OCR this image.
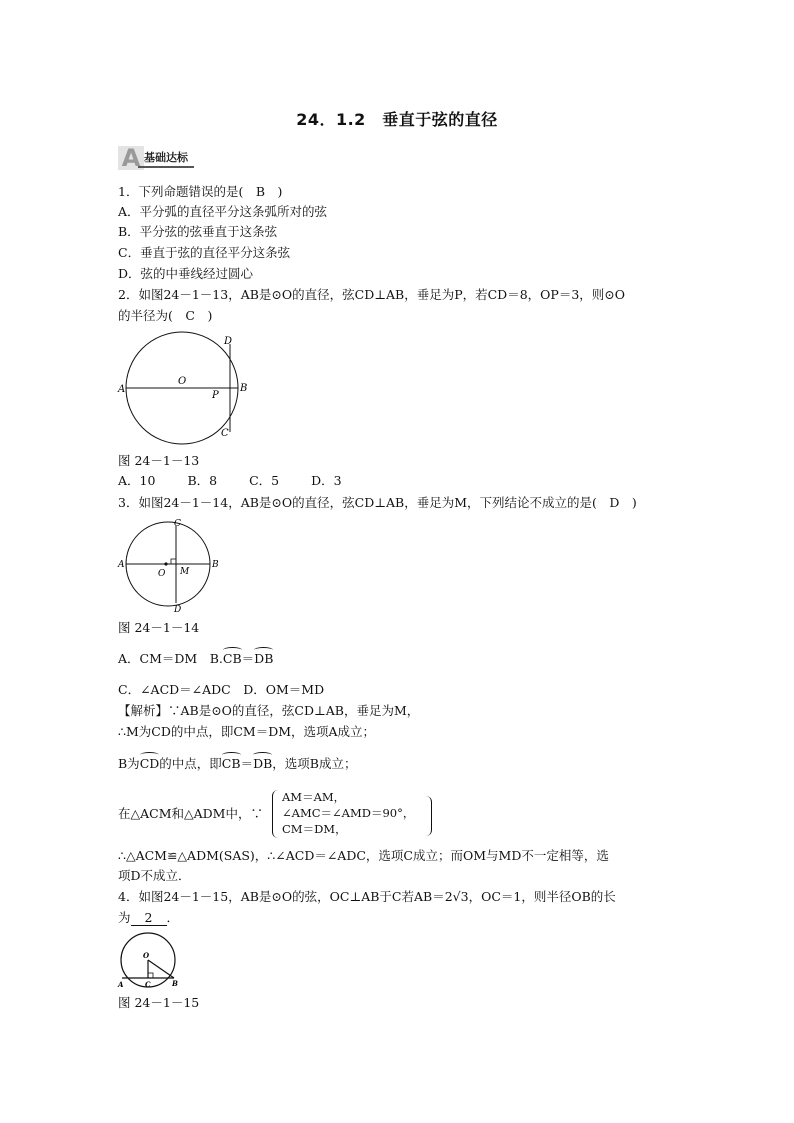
24．1.2　垂直于弦的直径
A 基础达标
1．下列命题错误的是(　B　)
A．平分弧的直径平分这条弧所对的弦
B．平分弦的弦垂直于这条弦
C．垂直于弦的直径平分这条弦
D．弦的中垂线经过圆心
2．如图24－1－13，AB是⊙O的直径，弦CD⊥AB，垂足为P，若CD＝8，OP＝3，则⊙O
的半径为(　C　)
A	B
O
P
D
C
图 24－1－13
A．10	B．8	C．5	D．3
3．如图24－1－14，AB是⊙O的直径，弦CD⊥AB，垂足为M，下列结论不成立的是(　D　)
A	B
O M
C
D
图 24－1－14
A．CM＝DM　 B.CB＝DB
C．∠ACD＝∠ADC　D．OM＝MD
【解析】∵AB是⊙O的直径，弦CD⊥AB，垂足为M，
∴M为CD的中点，即CM＝DM，选项A成立；
B为CD的中点，即CB＝DB，选项B成立；
在△ACM和△ADM中，∵
AM＝AM，
∠AMC＝∠AMD＝90°，
CM＝DM，
∴△ACM≌△ADM(SAS)，∴∠ACD＝∠ADC，选项C成立；而OM与MD不一定相等，选
项D不成立．
4．如图24－1－15，AB是⊙O的弦，OC⊥AB于C若AB＝2√3，OC＝1，则半径OB的长
为 2 ．
O
A	C	B
图 24－1－15
